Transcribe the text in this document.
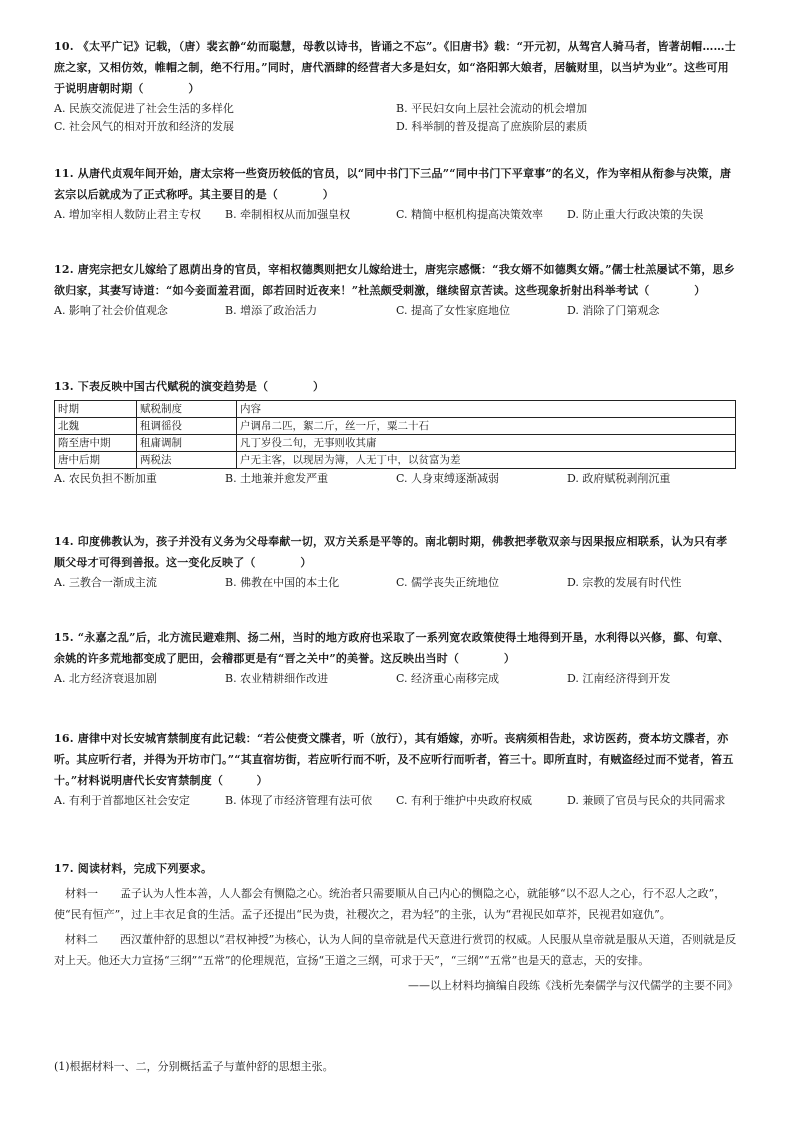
10. 《太平广记》记载，（唐）裴玄静“幼而聪慧，母教以诗书，皆诵之不忘”。《旧唐书》载：“开元初，从驾宫人骑马者，皆著胡帽……士庶之家，又相仿效，帷帽之制，绝不行用。”同时，唐代酒肆的经营者大多是妇女，如“洛阳郭大娘者，居毓财里，以当垆为业”。这些可用于说明唐朝时期（　　　　）
A. 民族交流促进了社会生活的多样化	B. 平民妇女向上层社会流动的机会增加
C. 社会风气的相对开放和经济的发展	D. 科举制的普及提高了庶族阶层的素质
11. 从唐代贞观年间开始，唐太宗将一些资历较低的官员，以“同中书门下三品”“同中书门下平章事”的名义，作为宰相从衔参与决策，唐玄宗以后就成为了正式称呼。其主要目的是（　　　　）
A. 增加宰相人数防止君主专权	B. 牵制相权从而加强皇权	C. 精简中枢机构提高决策效率	D. 防止重大行政决策的失误
12. 唐宪宗把女儿嫁给了恩荫出身的官员，宰相权德舆则把女儿嫁给进士，唐宪宗感慨：“我女婿不如德舆女婿。”儒士杜羔屡试不第，思乡欲归家，其妻写诗道：“如今妾面羞君面，郎若回时近夜来！”杜羔颇受刺激，继续留京苦读。这些现象折射出科举考试（　　　　）
A. 影响了社会价值观念	B. 增添了政治活力	C. 提高了女性家庭地位	D. 消除了门第观念
13. 下表反映中国古代赋税的演变趋势是（　　　　）
时期	赋税制度	内容
北魏	租调徭役	户调帛二匹，絮二斤，丝一斤，粟二十石
隋至唐中期	租庸调制	凡丁岁役二旬，无事则收其庸
唐中后期	两税法	户无主客，以现居为簿，人无丁中，以贫富为差
A. 农民负担不断加重	B. 土地兼并愈发严重	C. 人身束缚逐渐减弱	D. 政府赋税剥削沉重
14. 印度佛教认为，孩子并没有义务为父母奉献一切，双方关系是平等的。南北朝时期，佛教把孝敬双亲与因果报应相联系，认为只有孝顺父母才可得到善报。这一变化反映了（　　　　）
A. 三教合一渐成主流	B. 佛教在中国的本土化	C. 儒学丧失正统地位	D. 宗教的发展有时代性
15. “永嘉之乱”后，北方流民避难荆、扬二州，当时的地方政府也采取了一系列宽农政策使得土地得到开垦，水利得以兴修，鄞、句章、余姚的许多荒地都变成了肥田，会稽郡更是有“晋之关中”的美誉。这反映出当时（　　　　）
A. 北方经济衰退加剧	B. 农业精耕细作改进	C. 经济重心南移完成	D. 江南经济得到开发
16. 唐律中对长安城宵禁制度有此记载：“若公使赍文牒者，听（放行），其有婚嫁，亦听。丧病须相告赴，求访医药，赍本坊文牒者，亦听。其应听行者，并得为开坊市门。”“其直宿坊街，若应听行而不听，及不应听行而听者，笞三十。即所直时，有贼盗经过而不觉者，笞五十。”材料说明唐代长安宵禁制度（　　　）
A. 有利于首都地区社会安定	B. 体现了市经济管理有法可依	C. 有利于维护中央政府权威	D. 兼顾了官员与民众的共同需求
17. 阅读材料，完成下列要求。
材料一　　孟子认为人性本善，人人都会有恻隐之心。统治者只需要顺从自己内心的恻隐之心，就能够“以不忍人之心，行不忍人之政”，使“民有恒产”，过上丰衣足食的生活。孟子还提出“民为贵，社稷次之，君为轻”的主张，认为“君视民如草芥，民视君如寇仇”。
材料二　　西汉董仲舒的思想以“君权神授”为核心，认为人间的皇帝就是代天意进行赏罚的权威。人民服从皇帝就是服从天道，否则就是反对上天。他还大力宣扬“三纲”“五常”的伦理规范，宣扬“王道之三纲，可求于天”，“三纲”“五常”也是天的意志，天的安排。
——以上材料均摘编自段练《浅析先秦儒学与汉代儒学的主要不同》
(1)根据材料一、二，分别概括孟子与董仲舒的思想主张。
